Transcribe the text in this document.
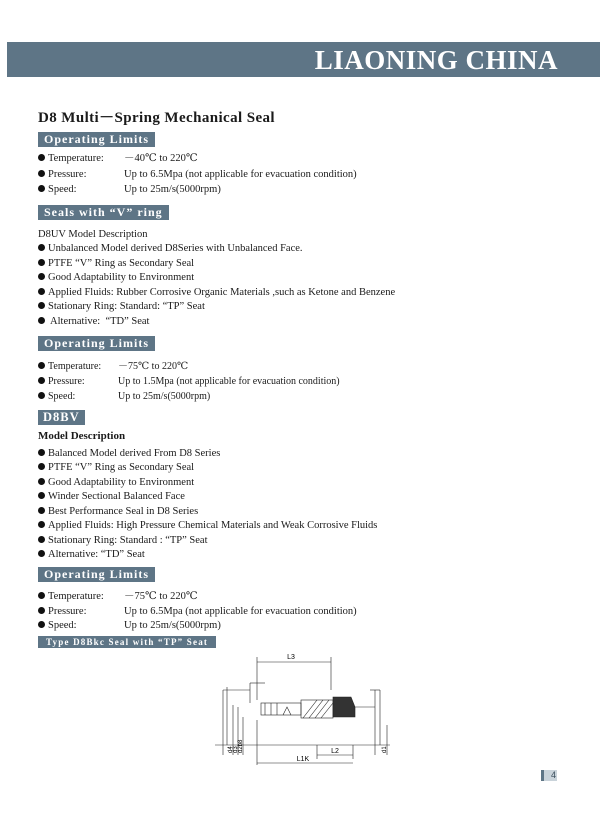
LIAONING CHINA
D8 Multi－Spring Mechanical Seal
Operating Limits
Temperature: －40℃ to 220℃
Pressure:	Up to 6.5Mpa (not applicable for evacuation condition)
Speed:	Up to 25m/s(5000rpm)
Seals with “V” ring
D8UV Model Description
Unbalanced Model derived D8Series with Unbalanced Face.
PTFE “V” Ring as Secondary Seal
Good Adaptability to Environment
Applied Fluids: Rubber Corrosive Organic Materials ,such as Ketone and Benzene
Stationary Ring: Standard: “TP” Seat
Alternative:  “TD” Seat
Operating Limits
Temperature: －75℃ to 220℃
Pressure:	Up to 1.5Mpa (not applicable for evacuation condition)
Speed:	Up to 25m/s(5000rpm)
D8BV
Model Description
Balanced Model derived From D8 Series
PTFE “V” Ring as Secondary Seal
Good Adaptability to Environment
Winder Sectional Balanced Face
Best Performance Seal in D8 Series
Applied Fluids: High Pressure Chemical Materials and Weak Corrosive Fluids
Stationary Ring: Standard : “TP” Seat
Alternative: “TD” Seat
Operating Limits
Temperature: －75℃ to 220℃
Pressure:	Up to 6.5Mpa (not applicable for evacuation condition)
Speed:	Up to 25m/s(5000rpm)
Type D8Bkc Seal with “TP” Seat
L3
L2
L1K
d4 d3 d2b8	d1
4
